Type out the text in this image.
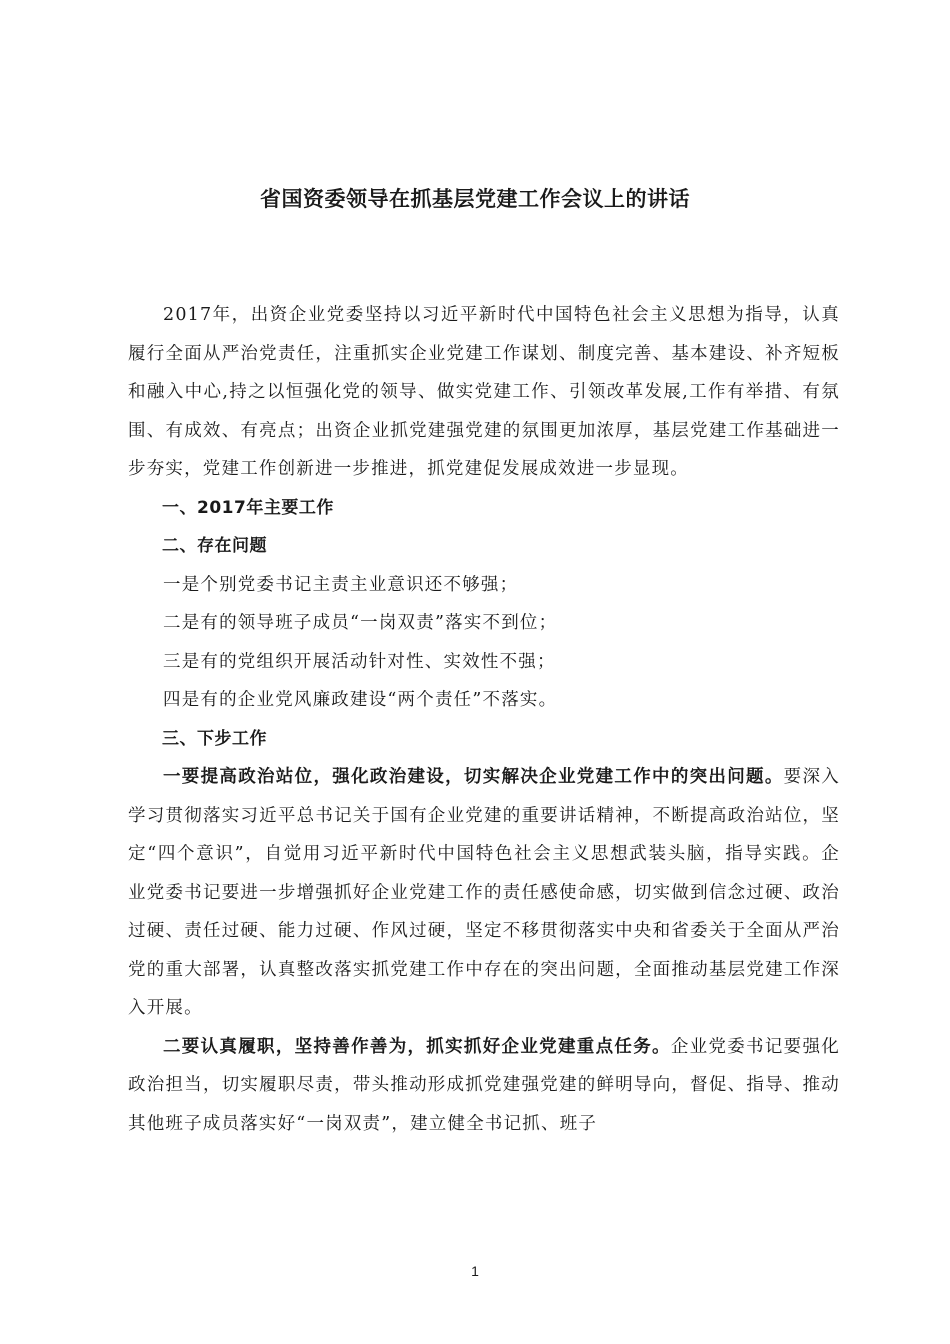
省国资委领导在抓基层党建工作会议上的讲话

2017年，出资企业党委坚持以习近平新时代中国特色社会主义思想为指导，认真履行全面从严治党责任，注重抓实企业党建工作谋划、制度完善、基本建设、补齐短板和融入中心,持之以恒强化党的领导、做实党建工作、引领改革发展,工作有举措、有氛围、有成效、有亮点；出资企业抓党建强党建的氛围更加浓厚，基层党建工作基础进一步夯实，党建工作创新进一步推进，抓党建促发展成效进一步显现。

一、2017年主要工作

二、存在问题

一是个别党委书记主责主业意识还不够强；

二是有的领导班子成员“一岗双责”落实不到位；

三是有的党组织开展活动针对性、实效性不强；

四是有的企业党风廉政建设“两个责任”不落实。

三、下步工作

一要提高政治站位，强化政治建设，切实解决企业党建工作中的突出问题。要深入学习贯彻落实习近平总书记关于国有企业党建的重要讲话精神，不断提高政治站位，坚定“四个意识”，自觉用习近平新时代中国特色社会主义思想武装头脑，指导实践。企业党委书记要进一步增强抓好企业党建工作的责任感使命感，切实做到信念过硬、政治过硬、责任过硬、能力过硬、作风过硬，坚定不移贯彻落实中央和省委关于全面从严治党的重大部署，认真整改落实抓党建工作中存在的突出问题，全面推动基层党建工作深入开展。

二要认真履职，坚持善作善为，抓实抓好企业党建重点任务。企业党委书记要强化政治担当，切实履职尽责，带头推动形成抓党建强党建的鲜明导向，督促、指导、推动其他班子成员落实好“一岗双责”，建立健全书记抓、班子

1
